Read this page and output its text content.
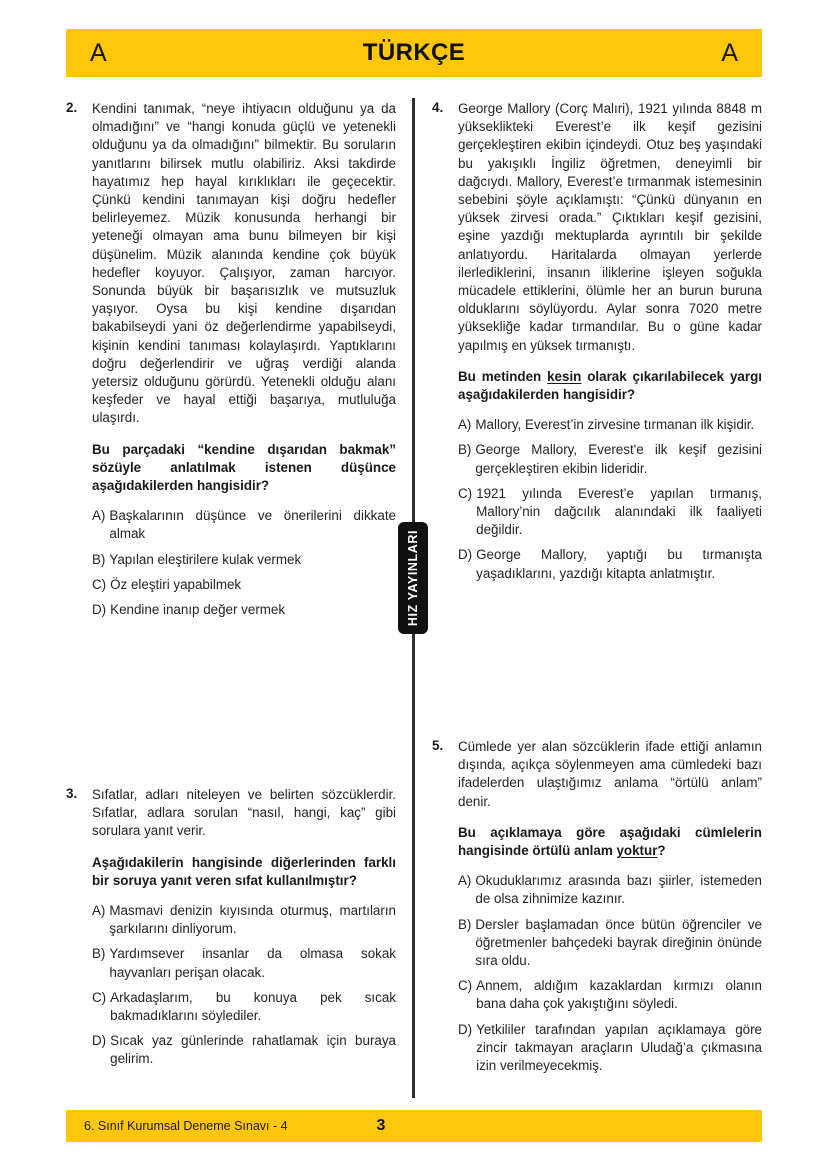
A	TÜRKÇE	A
HIZ YAYINLARI
2.	Kendini tanımak, “neye ihtiyacın olduğunu ya da olmadığını” ve “hangi konuda güçlü ve yetenekli olduğunu ya da olmadığını” bilmektir. Bu soruların yanıtlarını bilirsek mutlu olabiliriz. Aksi takdirde hayatımız hep hayal kırıklıkları ile geçecektir. Çünkü kendini tanımayan kişi doğru hedefler belirleyemez. Müzik konusunda herhangi bir yeteneği olmayan ama bunu bilmeyen bir kişi düşünelim. Müzik alanında kendine çok büyük hedefler koyuyor. Çalışıyor, zaman harcıyor. Sonunda büyük bir başarısızlık ve mutsuzluk yaşıyor. Oysa bu kişi kendine dışarıdan bakabilseydi yani öz değerlendirme yapabilseydi, kişinin kendini tanıması kolaylaşırdı. Yaptıklarını doğru değerlendirir ve uğraş verdiği alanda yetersiz olduğunu görürdü. Yetenekli olduğu alanı keşfeder ve hayal ettiği başarıya, mutluluğa ulaşırdı.

Bu parçadaki “kendine dışarıdan bakmak” sözüyle anlatılmak istenen düşünce aşağıdakilerden hangisidir?

A) Başkalarının düşünce ve önerilerini dikkate almak
B) Yapılan eleştirilere kulak vermek
C) Öz eleştiri yapabilmek
D) Kendine inanıp değer vermek
3.	Sıfatlar, adları niteleyen ve belirten sözcüklerdir. Sıfatlar, adlara sorulan “nasıl, hangi, kaç” gibi sorulara yanıt verir.

Aşağıdakilerin hangisinde diğerlerinden farklı bir soruya yanıt veren sıfat kullanılmıştır?

A) Masmavi denizin kıyısında oturmuş, martıların şarkılarını dinliyorum.
B) Yardımsever insanlar da olmasa sokak hayvanları perişan olacak.
C) Arkadaşlarım, bu konuya pek sıcak bakmadıklarını söylediler.
D) Sıcak yaz günlerinde rahatlamak için buraya gelirim.
4.	George Mallory (Corç Malıri), 1921 yılında 8848 m yükseklikteki Everest’e ilk keşif gezisini gerçekleştiren ekibin içindeydi. Otuz beş yaşındaki bu yakışıklı İngiliz öğretmen, deneyimli bir dağcıydı. Mallory, Everest’e tırmanmak istemesinin sebebini şöyle açıklamıştı: “Çünkü dünyanın en yüksek zirvesi orada.” Çıktıkları keşif gezisini, eşine yazdığı mektuplarda ayrıntılı bir şekilde anlatıyordu. Haritalarda olmayan yerlerde ilerlediklerini, insanın iliklerine işleyen soğukla mücadele ettiklerini, ölümle her an burun buruna olduklarını söylüyordu. Aylar sonra 7020 metre yüksekliğe kadar tırmandılar. Bu o güne kadar yapılmış en yüksek tırmanıştı.

Bu metinden kesin olarak çıkarılabilecek yargı aşağıdakilerden hangisidir?

A) Mallory, Everest’in zirvesine tırmanan ilk kişidir.
B) George Mallory, Everest'e ilk keşif gezisini gerçekleştiren ekibin lideridir.
C) 1921 yılında Everest’e yapılan tırmanış, Mallory’nin dağcılık alanındaki ilk faaliyeti değildir.
D) George Mallory, yaptığı bu tırmanışta yaşadıklarını, yazdığı kitapta anlatmıştır.
5.	Cümlede yer alan sözcüklerin ifade ettiği anlamın dışında, açıkça söylenmeyen ama cümledeki bazı ifadelerden ulaştığımız anlama “örtülü anlam” denir.

Bu açıklamaya göre aşağıdaki cümlelerin hangisinde örtülü anlam yoktur?

A) Okuduklarımız arasında bazı şiirler, istemeden de olsa zihnimize kazınır.
B) Dersler başlamadan önce bütün öğrenciler ve öğretmenler bahçedeki bayrak direğinin önünde sıra oldu.
C) Annem, aldığım kazaklardan kırmızı olanın bana daha çok yakıştığını söyledi.
D) Yetkililer tarafından yapılan açıklamaya göre zincir takmayan araçların Uludağ’a çıkmasına izin verilmeyecekmiş.
6. Sınıf Kurumsal Deneme Sınavı - 4	3
